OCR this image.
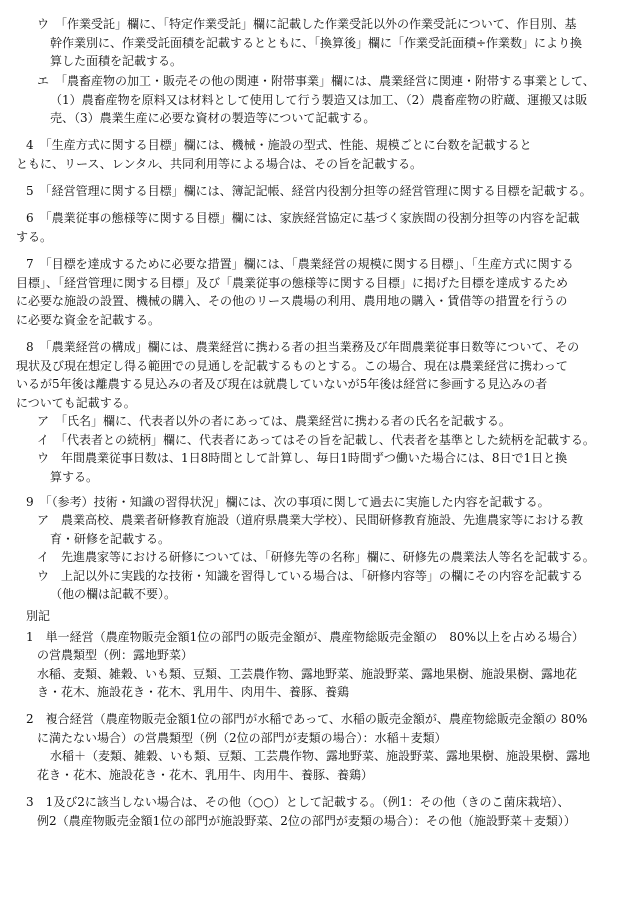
ウ　「作業受託」欄に、「特定作業受託」欄に記載した作業受託以外の作業受託について、作目別、基
幹作業別に、作業受託面積を記載するとともに、「換算後」欄に「作業受託面積÷作業数」により換
算した面積を記載する。
エ　「農畜産物の加工・販売その他の関連・附帯事業」欄には、農業経営に関連・附帯する事業として、
（1）農畜産物を原料又は材料として使用して行う製造又は加工、（2）農畜産物の貯蔵、運搬又は販
売、（3）農業生産に必要な資材の製造等について記載する。
4　「生産方式に関する目標」欄には、機械・施設の型式、性能、規模ごとに台数を記載すると
ともに、リース、レンタル、共同利用等による場合は、その旨を記載する。
5　「経営管理に関する目標」欄には、簿記記帳、経営内役割分担等の経営管理に関する目標を記載する。
6　「農業従事の態様等に関する目標」欄には、家族経営協定に基づく家族間の役割分担等の内容を記載
する。
7　「目標を達成するために必要な措置」欄には、「農業経営の規模に関する目標」、「生産方式に関する
目標」、「経営管理に関する目標」及び「農業従事の態様等に関する目標」に掲げた目標を達成するため
に必要な施設の設置、機械の購入、その他のリース農場の利用、農用地の購入・賃借等の措置を行うの
に必要な資金を記載する。
8　「農業経営の構成」欄には、農業経営に携わる者の担当業務及び年間農業従事日数等について、その
現状及び現在想定し得る範囲での見通しを記載するものとする。この場合、現在は農業経営に携わって
いるが5年後は離農する見込みの者及び現在は就農していないが5年後は経営に参画する見込みの者
についても記載する。
ア　「氏名」欄に、代表者以外の者にあっては、農業経営に携わる者の氏名を記載する。
イ　「代表者との続柄」欄に、代表者にあってはその旨を記載し、代表者を基準とした続柄を記載する。
ウ　年間農業従事日数は、1日8時間として計算し、毎日1時間ずつ働いた場合には、8日で1日と換
算する。
9　「（参考）技術・知識の習得状況」欄には、次の事項に関して過去に実施した内容を記載する。
ア　農業高校、農業者研修教育施設（道府県農業大学校）、民間研修教育施設、先進農家等における教
育・研修を記載する。
イ　先進農家等における研修については、「研修先等の名称」欄に、研修先の農業法人等名を記載する。
ウ　上記以外に実践的な技術・知識を習得している場合は、「研修内容等」の欄にその内容を記載する
（他の欄は記載不要）。
別記
1　単一経営（農産物販売金額1位の部門の販売金額が、農産物総販売金額の　80%以上を占める場合）
の営農類型（例：露地野菜）
水稲、麦類、雑穀、いも類、豆類、工芸農作物、露地野菜、施設野菜、露地果樹、施設果樹、露地花
き・花木、施設花き・花木、乳用牛、肉用牛、養豚、養鶏
2　複合経営（農産物販売金額1位の部門が水稲であって、水稲の販売金額が、農産物総販売金額の 80%
に満たない場合）の営農類型（例（2位の部門が麦類の場合）：水稲＋麦類）
水稲＋（麦類、雑穀、いも類、豆類、工芸農作物、露地野菜、施設野菜、露地果樹、施設果樹、露地
花き・花木、施設花き・花木、乳用牛、肉用牛、養豚、養鶏）
3　1及び2に該当しない場合は、その他（○○）として記載する。（例1：その他（きのこ菌床栽培）、
例2（農産物販売金額1位の部門が施設野菜、2位の部門が麦類の場合）：その他（施設野菜＋麦類））
